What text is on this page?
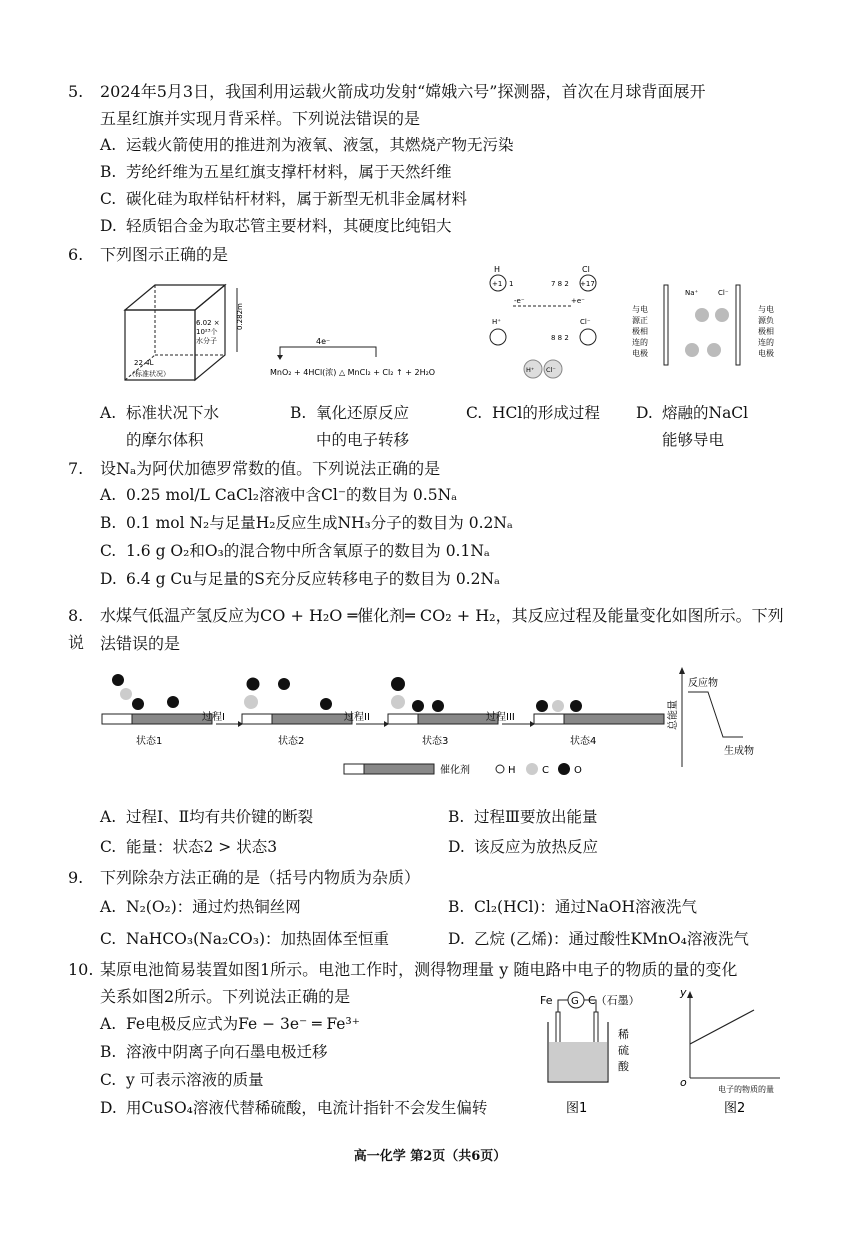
5. 2024年5月3日，我国利用运载火箭成功发射“嫦娥六号”探测器，首次在月球背面展开
五星红旗并实现月背采样。下列说法错误的是
A. 运载火箭使用的推进剂为液氧、液氢，其燃烧产物无污染
B. 芳纶纤维为五星红旗支撑杆材料，属于天然纤维
C. 碳化硅为取样钻杆材料，属于新型无机非金属材料
D. 轻质铝合金为取芯管主要材料，其硬度比纯铝大
6. 下列图示正确的是
6.02 ×
10²³个
水分子
0.282m
22.4L
（标准状况）
4e⁻
MnO₂ + 4HCl(浓) △ MnCl₂ + Cl₂ ↑ + 2H₂O
H
+1 1
Cl
+17
7 8 2
-e⁻	+e⁻
H⁺	Cl⁻
8 8 2
H⁺ Cl⁻
与电
源正
极相
连的
电极
与电
源负
极相
连的
电极
Na⁺	Cl⁻
A. 标准状况下水
的摩尔体积
B. 氧化还原反应
中的电子转移
C. HCl的形成过程 D. 熔融的NaCl
能够导电
7. 设Nₐ为阿伏加德罗常数的值。下列说法正确的是
A. 0.25 mol/L CaCl₂溶液中含Cl⁻的数目为 0.5Nₐ
B. 0.1 mol N₂与足量H₂反应生成NH₃分子的数目为 0.2Nₐ
C. 1.6 g O₂和O₃的混合物中所含氧原子的数目为 0.1Nₐ
D. 6.4 g Cu与足量的S充分反应转移电子的数目为 0.2Nₐ
8. 水煤气低温产氢反应为CO + H₂O ═催化剂═ CO₂ + H₂，其反应过程及能量变化如图所示。下列说 法错误的是
过程I	过程II	过程III
状态1	状态2	状态3	状态4
催化剂	H	C	O
总能量
反应物
生成物
A. 过程I、Ⅱ均有共价键的断裂	B. 过程Ⅲ要放出能量
C. 能量：状态2 > 状态3	D. 该反应为放热反应
9. 下列除杂方法正确的是（括号内物质为杂质）
A. N₂(O₂)：通过灼热铜丝网	B. Cl₂(HCl)：通过NaOH溶液洗气
C. NaHCO₃(Na₂CO₃)：加热固体至恒重	D. 乙烷 (乙烯)：通过酸性KMnO₄溶液洗气
10. 某原电池简易装置如图1所示。电池工作时，测得物理量 y 随电路中电子的物质的量的变化
关系如图2所示。下列说法正确的是
A. Fe电极反应式为Fe − 3e⁻ ═ Fe³⁺
B. 溶液中阴离子向石墨电极迁移
C. y 可表示溶液的质量
D. 用CuSO₄溶液代替稀硫酸，电流计指针不会发生偏转
Fe G C（石墨）
稀
硫
酸
图1
y
o
电子的物质的量
图2
高一化学 第2页（共6页）
